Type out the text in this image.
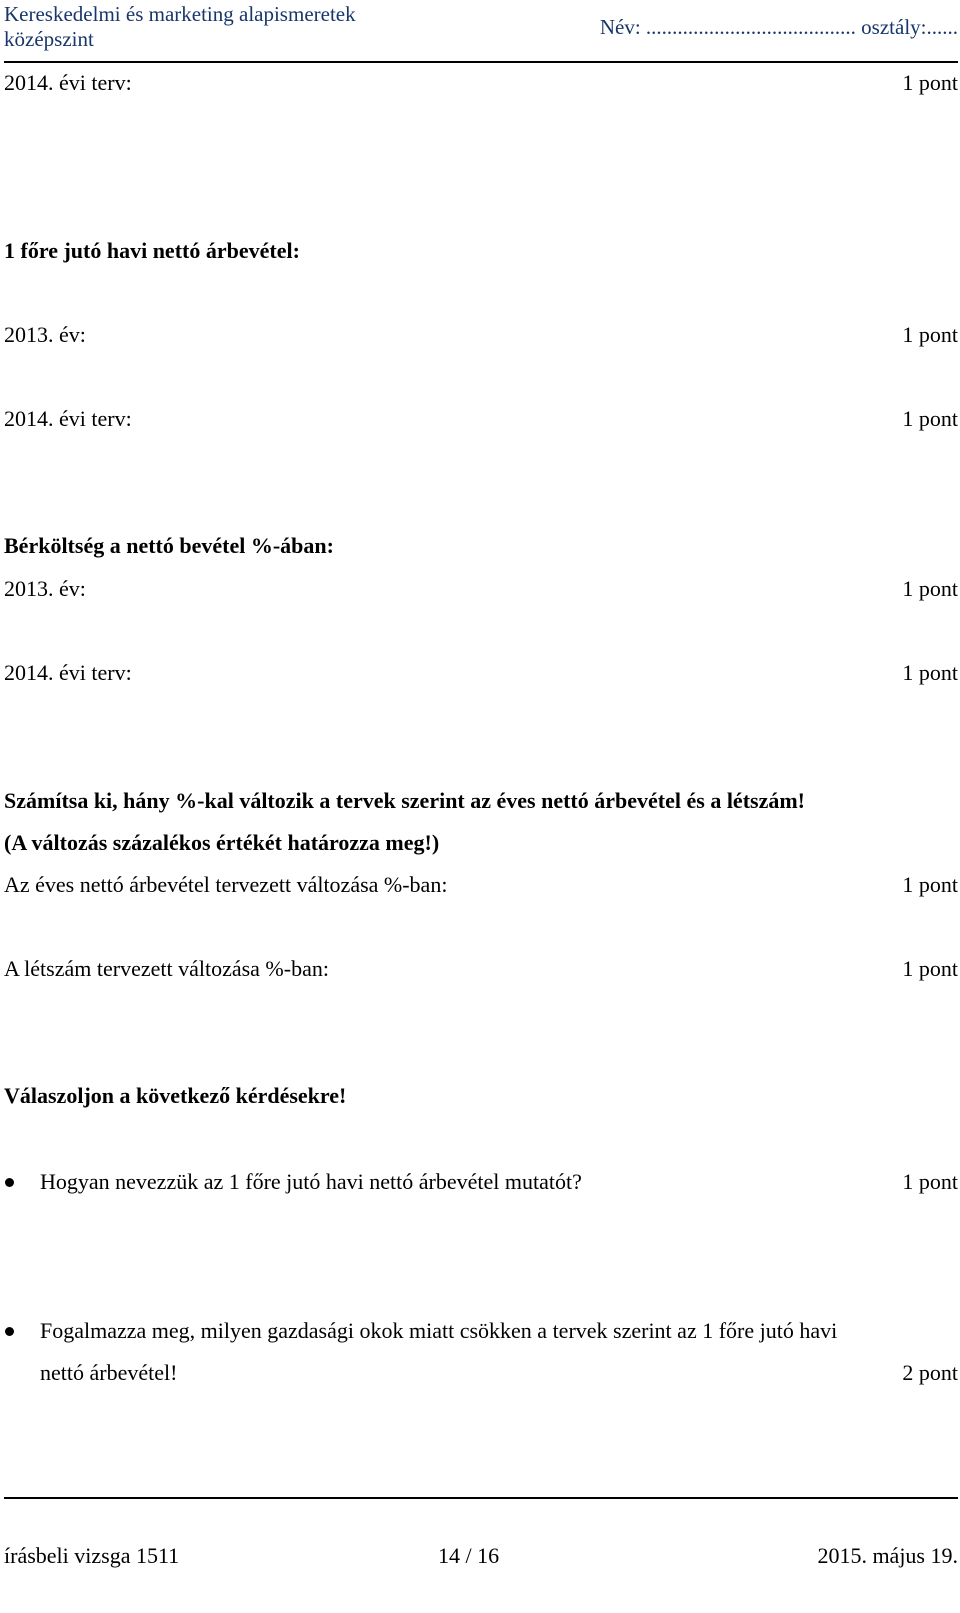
Kereskedelmi és marketing alapismeretek
középszint	Név: ........................................ osztály:......
2014. évi terv:	1 pont
1 főre jutó havi nettó árbevétel:
2013. év:	1 pont
2014. évi terv:	1 pont
Bérköltség a nettó bevétel %-ában:
2013. év:	1 pont
2014. évi terv:	1 pont
Számítsa ki, hány %-kal változik a tervek szerint az éves nettó árbevétel és a létszám!
(A változás százalékos értékét határozza meg!)
Az éves nettó árbevétel tervezett változása %-ban:	1 pont
A létszám tervezett változása %-ban:	1 pont
Válaszoljon a következő kérdésekre!
Hogyan nevezzük az 1 főre jutó havi nettó árbevétel mutatót?	1 pont
Fogalmazza meg, milyen gazdasági okok miatt csökken a tervek szerint az 1 főre jutó havi
nettó árbevétel!	2 pont
írásbeli vizsga 1511	14 / 16	2015. május 19.
